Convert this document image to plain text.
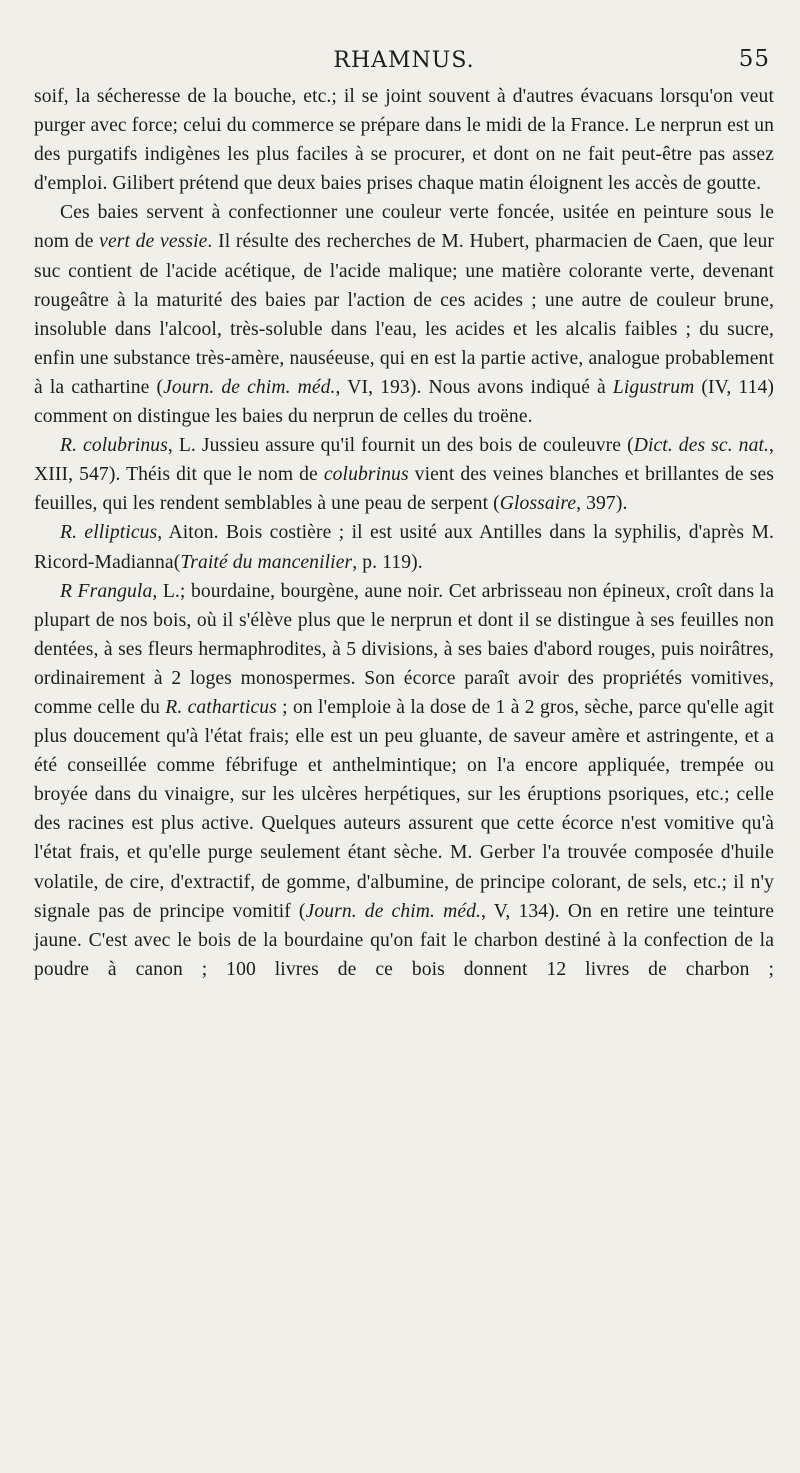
RHAMNUS.	55

soif, la sécheresse de la bouche, etc.; il se joint souvent à d'autres évacuans lorsqu'on veut purger avec force; celui du commerce se prépare dans le midi de la France. Le nerprun est un des purgatifs indigènes les plus faciles à se procurer, et dont on ne fait peut-être pas assez d'emploi. Gilibert prétend que deux baies prises chaque matin éloignent les accès de goutte.

Ces baies servent à confectionner une couleur verte foncée, usitée en peinture sous le nom de vert de vessie. Il résulte des recherches de M. Hubert, pharmacien de Caen, que leur suc contient de l'acide acétique, de l'acide malique; une matière colorante verte, devenant rougeâtre à la maturité des baies par l'action de ces acides ; une autre de couleur brune, insoluble dans l'alcool, très-soluble dans l'eau, les acides et les alcalis faibles ; du sucre, enfin une substance très-amère, nauséeuse, qui en est la partie active, analogue probablement à la cathartine (Journ. de chim. méd., VI, 193). Nous avons indiqué à Ligustrum (IV, 114) comment on distingue les baies du nerprun de celles du troëne.

R. colubrinus, L. Jussieu assure qu'il fournit un des bois de couleuvre (Dict. des sc. nat., XIII, 547). Théis dit que le nom de colubrinus vient des veines blanches et brillantes de ses feuilles, qui les rendent semblables à une peau de serpent (Glossaire, 397).

R. ellipticus, Aiton. Bois costière ; il est usité aux Antilles dans la syphilis, d'après M. Ricord-Madianna(Traité du mancenilier, p. 119).

R Frangula, L.; bourdaine, bourgène, aune noir. Cet arbrisseau non épineux, croît dans la plupart de nos bois, où il s'élève plus que le nerprun et dont il se distingue à ses feuilles non dentées, à ses fleurs hermaphrodites, à 5 divisions, à ses baies d'abord rouges, puis noirâtres, ordinairement à 2 loges monospermes. Son écorce paraît avoir des propriétés vomitives, comme celle du R. catharticus ; on l'emploie à la dose de 1 à 2 gros, sèche, parce qu'elle agit plus doucement qu'à l'état frais; elle est un peu gluante, de saveur amère et astringente, et a été conseillée comme fébrifuge et anthelmintique; on l'a encore appliquée, trempée ou broyée dans du vinaigre, sur les ulcères herpétiques, sur les éruptions psoriques, etc.; celle des racines est plus active. Quelques auteurs assurent que cette écorce n'est vomitive qu'à l'état frais, et qu'elle purge seulement étant sèche. M. Gerber l'a trouvée composée d'huile volatile, de cire, d'extractif, de gomme, d'albumine, de principe colorant, de sels, etc.; il n'y signale pas de principe vomitif (Journ. de chim. méd., V, 134). On en retire une teinture jaune. C'est avec le bois de la bourdaine qu'on fait le charbon destiné à la confection de la poudre à canon ; 100 livres de ce bois donnent 12 livres de charbon ;
